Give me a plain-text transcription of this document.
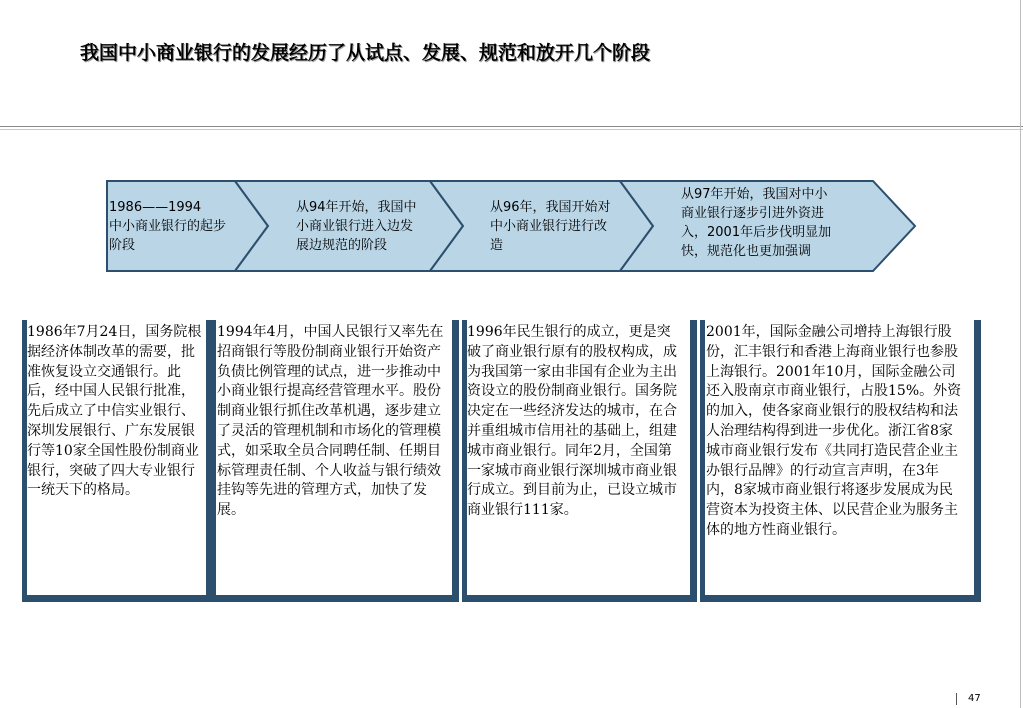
我国中小商业银行的发展经历了从试点、发展、规范和放开几个阶段
1986——1994
中小商业银行的起步
阶段
从94年开始，我国中
小商业银行进入边发
展边规范的阶段
从96年，我国开始对
中小商业银行进行改
造
从97年开始，我国对中小
商业银行逐步引进外资进
入，2001年后步伐明显加
快，规范化也更加强调
1986年7月24日，国务院根据经济体制改革的需要，批准恢复设立交通银行。此后，经中国人民银行批准，先后成立了中信实业银行、深圳发展银行、广东发展银行等10家全国性股份制商业银行，突破了四大专业银行一统天下的格局。
1994年4月，中国人民银行又率先在招商银行等股份制商业银行开始资产负债比例管理的试点，进一步推动中小商业银行提高经营管理水平。股份制商业银行抓住改革机遇，逐步建立了灵活的管理机制和市场化的管理模式，如采取全员合同聘任制、任期目标管理责任制、个人收益与银行绩效挂钩等先进的管理方式，加快了发展。
1996年民生银行的成立，更是突破了商业银行原有的股权构成，成为我国第一家由非国有企业为主出资设立的股份制商业银行。国务院决定在一些经济发达的城市，在合并重组城市信用社的基础上，组建城市商业银行。同年2月，全国第一家城市商业银行深圳城市商业银行成立。到目前为止，已设立城市商业银行111家。
2001年，国际金融公司增持上海银行股份，汇丰银行和香港上海商业银行也参股上海银行。2001年10月，国际金融公司还入股南京市商业银行，占股15%。外资的加入，使各家商业银行的股权结构和法人治理结构得到进一步优化。浙江省8家城市商业银行发布《共同打造民营企业主办银行品牌》的行动宣言声明，在3年内，8家城市商业银行将逐步发展成为民营资本为投资主体、以民营企业为服务主体的地方性商业银行。
47
